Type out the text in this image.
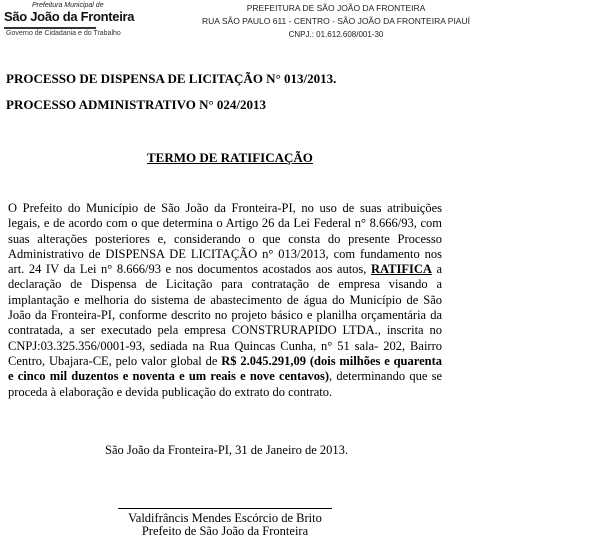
Prefeitura Municipal de
São João da Fronteira
Governo de Cidadania e do Trabalho
PREFEITURA DE SÃO JOÃO DA FRONTEIRA
RUA SÃO PAULO 611 - CENTRO - SÃO JOÃO DA FRONTEIRA PIAUÍ
CNPJ.: 01.612.608/001-30
PROCESSO DE DISPENSA DE LICITAÇÃO N° 013/2013.
PROCESSO ADMINISTRATIVO N° 024/2013
TERMO DE RATIFICAÇÃO
O Prefeito do Município de São João da Fronteira-PI, no uso de suas atribuições legais, e de acordo com o que determina o Artigo 26 da Lei Federal n° 8.666/93, com suas alterações posteriores e, considerando o que consta do presente Processo Administrativo de DISPENSA DE LICITAÇÃO n° 013/2013, com fundamento nos art. 24 IV da Lei n° 8.666/93 e nos documentos acostados aos autos, RATIFICA a declaração de Dispensa de Licitação para contratação de empresa visando a implantação e melhoria do sistema de abastecimento de água do Município de São João da Fronteira-PI, conforme descrito no projeto básico e planilha orçamentária da contratada, a ser executado pela empresa CONSTRURAPIDO LTDA., inscrita no CNPJ:03.325.356/0001-93, sediada na Rua Quincas Cunha, n° 51 sala- 202, Bairro Centro, Ubajara-CE, pelo valor global de R$ 2.045.291,09 (dois milhões e quarenta e cinco mil duzentos e noventa e um reais e nove centavos), determinando que se proceda à elaboração e devida publicação do extrato do contrato.
São João da Fronteira-PI, 31 de Janeiro de 2013.
Valdifrâncis Mendes Escórcio de Brito
Prefeito de São João da Fronteira
